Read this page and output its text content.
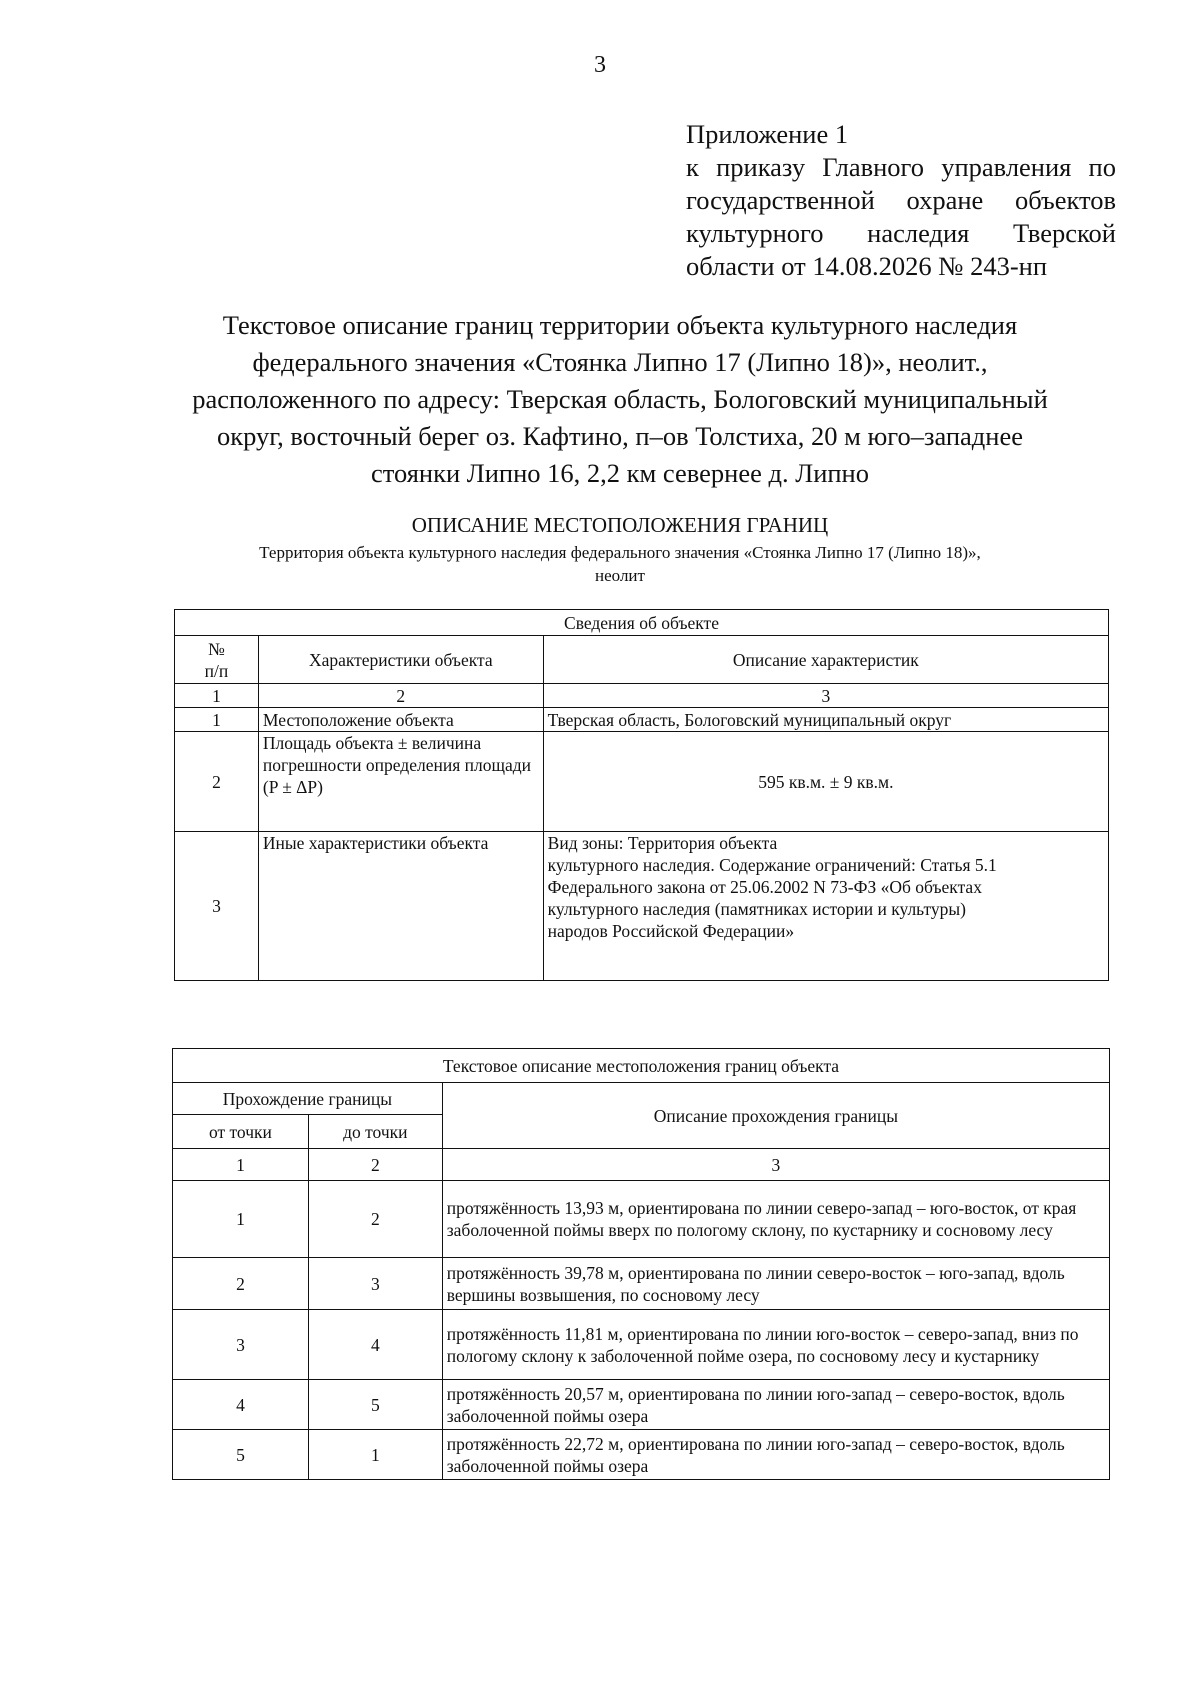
3
Приложение 1
к приказу Главного управления по
государственной охране объектов
культурного наследия Тверской
области от 14.08.2026 № 243-нп
Текстовое описание границ территории объекта культурного наследия
федерального значения «Стоянка Липно 17 (Липно 18)», неолит.,
расположенного по адресу: Тверская область, Бологовский муниципальный
округ, восточный берег оз. Кафтино, п–ов Толстиха, 20 м юго–западнее
стоянки Липно 16, 2,2 км севернее д. Липно
ОПИСАНИЕ МЕСТОПОЛОЖЕНИЯ ГРАНИЦ
Территория объекта культурного наследия федерального значения «Стоянка Липно 17 (Липно 18)»,
неолит
Сведения об объекте		

№
п/п	Характеристики объекта	Описание характеристик
1	2	3
1	Местоположение объекта	Тверская область, Бологовский муниципальный округ
2	Площадь объекта ± величина погрешности определения площади (P ± ΔP)	595 кв.м. ± 9 кв.м.
3	Иные характеристики объекта	Вид зоны: Территория объекта
культурного наследия. Содержание ограничений: Статья 5.1
Федерального закона от 25.06.2002 N 73-ФЗ «Об объектах
культурного наследия (памятниках истории и культуры)
народов Российской Федерации»
Текстовое описание местоположения границ объекта		
Прохождение границы		Описание прохождения границы
от точки	до точки	
1	2	3
1	2	протяжённость 13,93 м, ориентирована по линии северо-запад – юго-восток, от края заболоченной поймы вверх по пологому склону, по кустарнику и сосновому лесу
2	3	протяжённость 39,78 м, ориентирована по линии северо-восток – юго-запад, вдоль вершины возвышения, по сосновому лесу
3	4	протяжённость 11,81 м, ориентирована по линии юго-восток – северо-запад, вниз по пологому склону к заболоченной пойме озера, по сосновому лесу и кустарнику
4	5	протяжённость 20,57 м, ориентирована по линии юго-запад – северо-восток, вдоль заболоченной поймы озера
5	1	протяжённость 22,72 м, ориентирована по линии юго-запад – северо-восток, вдоль заболоченной поймы озера
